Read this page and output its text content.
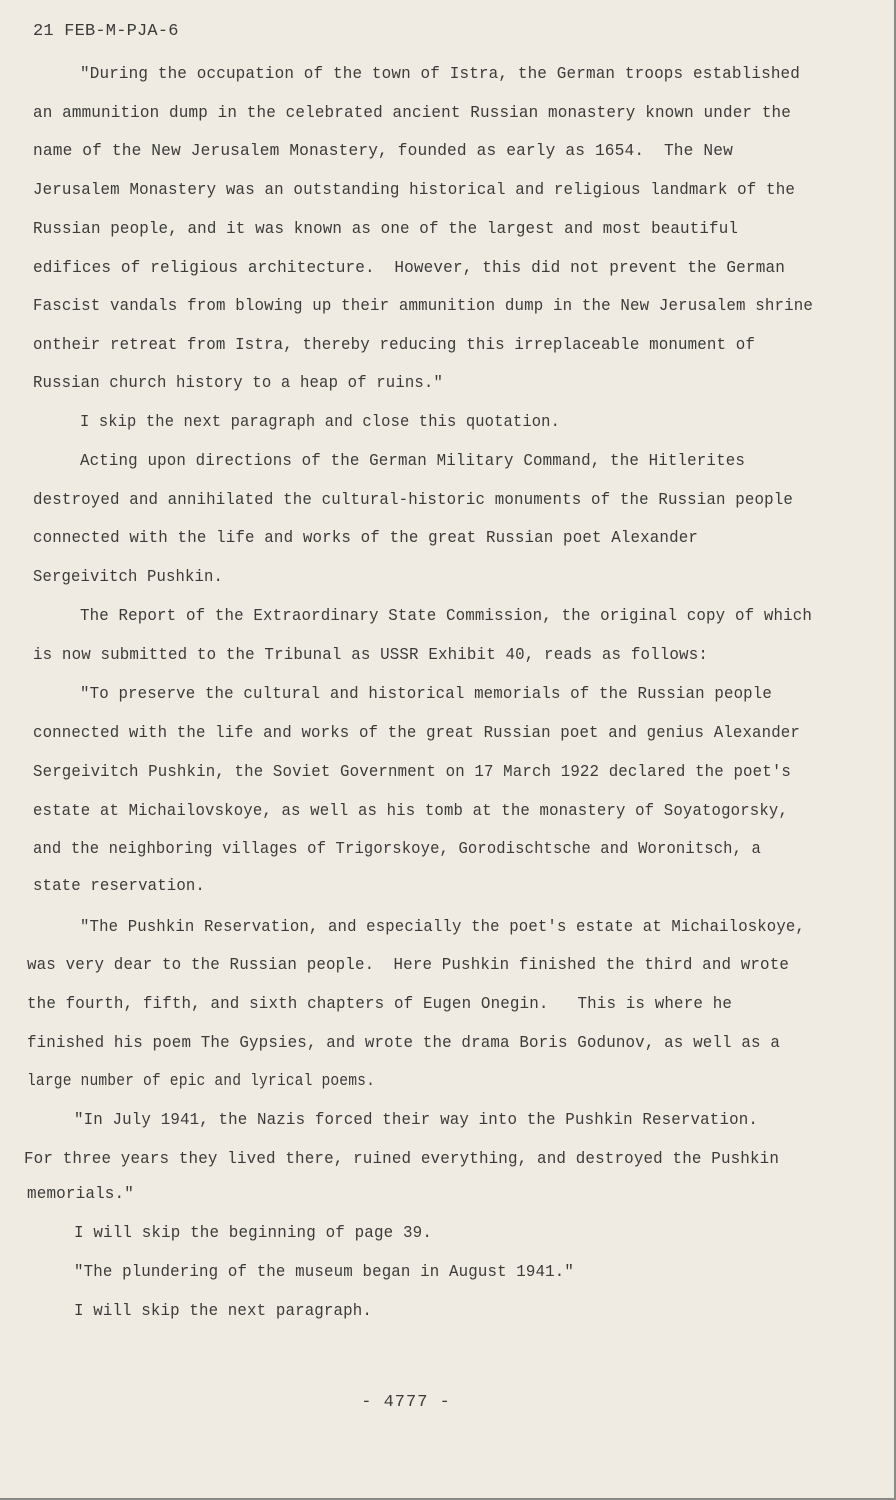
21 FEB-M-PJA-6
"During the occupation of the town of Istra, the German troops established
an ammunition dump in the celebrated ancient Russian monastery known under the
name of the New Jerusalem Monastery, founded as early as 1654.  The New
Jerusalem Monastery was an outstanding historical and religious landmark of the
Russian people, and it was known as one of the largest and most beautiful
edifices of religious architecture.  However, this did not prevent the German
Fascist vandals from blowing up their ammunition dump in the New Jerusalem shrine
ontheir retreat from Istra, thereby reducing this irreplaceable monument of
Russian church history to a heap of ruins."
I skip the next paragraph and close this quotation.
Acting upon directions of the German Military Command, the Hitlerites
destroyed and annihilated the cultural-historic monuments of the Russian people
connected with the life and works of the great Russian poet Alexander
Sergeivitch Pushkin.
The Report of the Extraordinary State Commission, the original copy of which
is now submitted to the Tribunal as USSR Exhibit 40, reads as follows:
"To preserve the cultural and historical memorials of the Russian people
connected with the life and works of the great Russian poet and genius Alexander
Sergeivitch Pushkin, the Soviet Government on 17 March 1922 declared the poet's
estate at Michailovskoye, as well as his tomb at the monastery of Soyatogorsky,
and the neighboring villages of Trigorskoye, Gorodischtsche and Woronitsch, a
state reservation.
"The Pushkin Reservation, and especially the poet's estate at Michailoskoye,
was very dear to the Russian people.  Here Pushkin finished the third and wrote
the fourth, fifth, and sixth chapters of Eugen Onegin.   This is where he
finished his poem The Gypsies, and wrote the drama Boris Godunov, as well as a
large number of epic and lyrical poems.
"In July 1941, the Nazis forced their way into the Pushkin Reservation.
For three years they lived there, ruined everything, and destroyed the Pushkin
memorials."
I will skip the beginning of page 39.
"The plundering of the museum began in August 1941."
I will skip the next paragraph.
- 4777 -
